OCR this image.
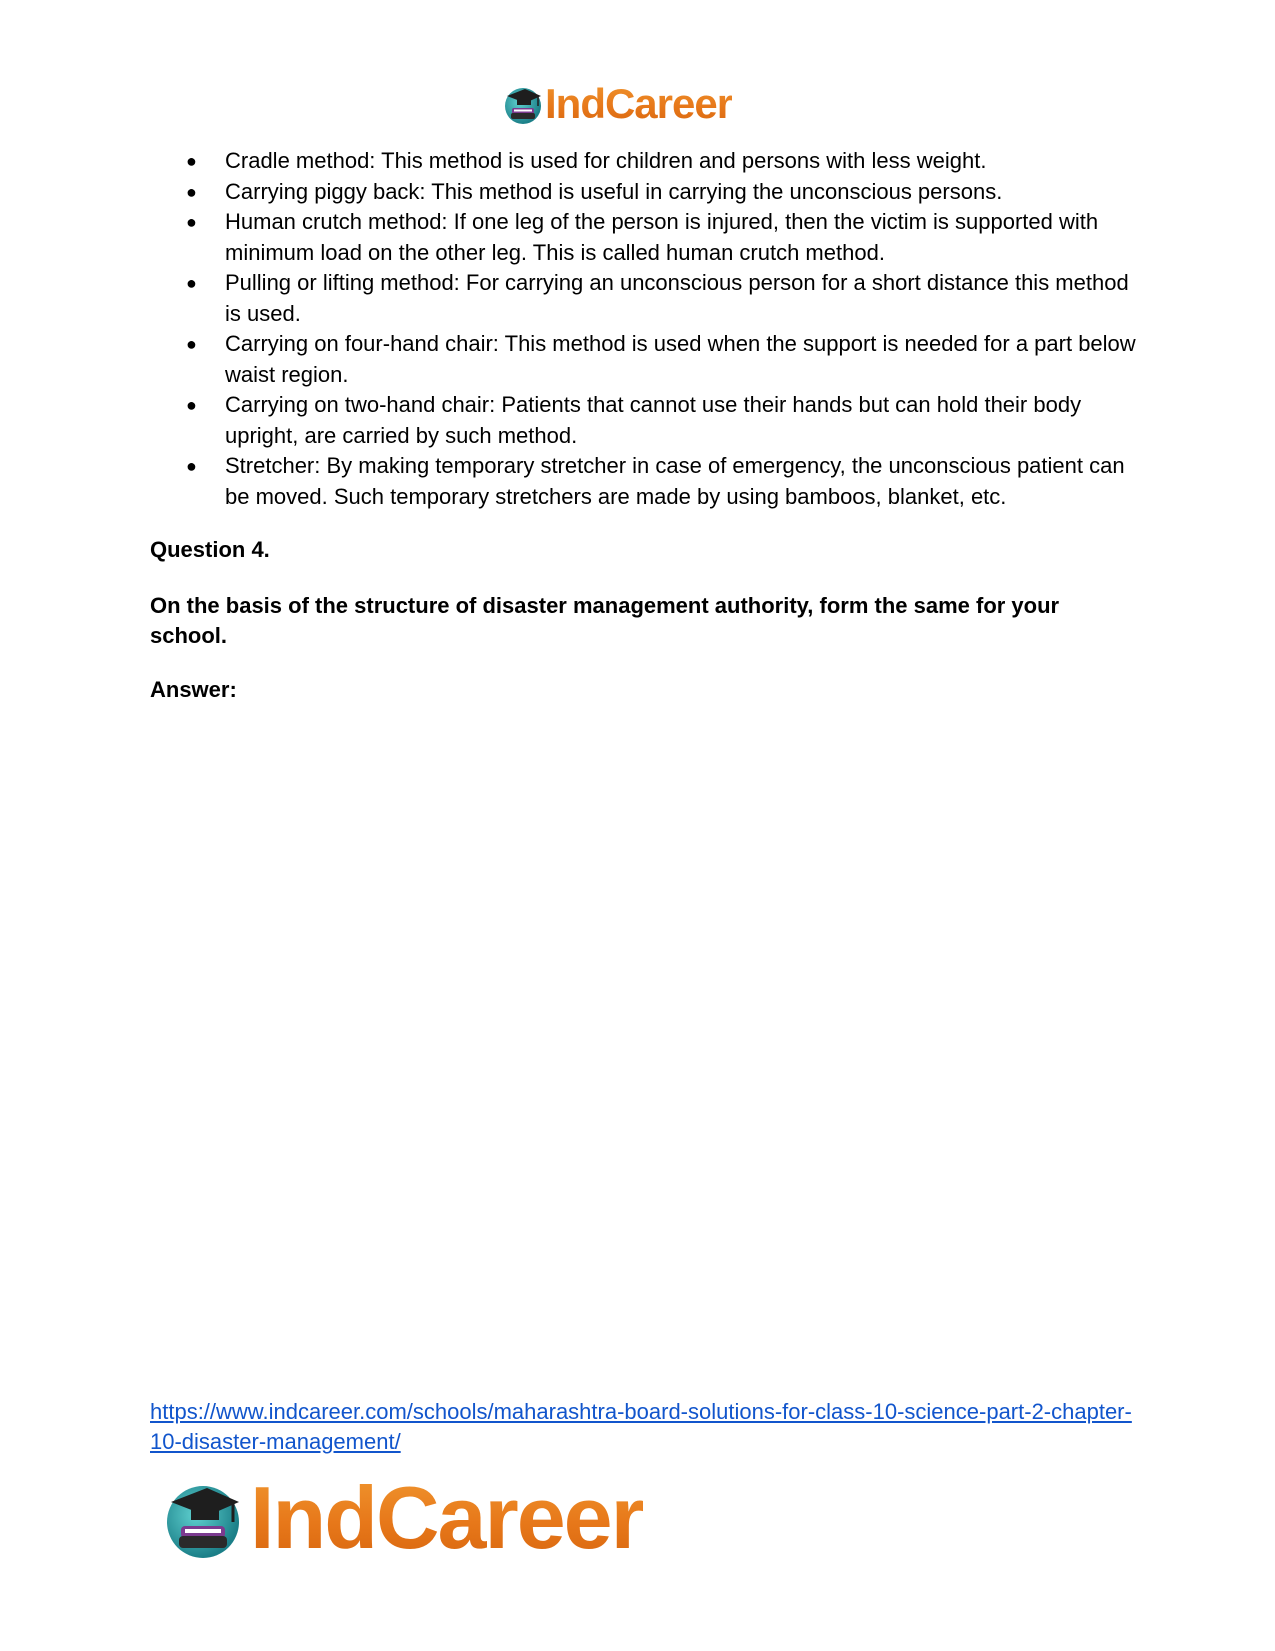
IndCareer
●	Cradle method: This method is used for children and persons with less weight.
●	Carrying piggy back: This method is useful in carrying the unconscious persons.
●	Human crutch method: If one leg of the person is injured, then the victim is supported with minimum load on the other leg. This is called human crutch method.
●	Pulling or lifting method: For carrying an unconscious person for a short distance this method is used.
●	Carrying on four-hand chair: This method is used when the support is needed for a part below waist region.
●	Carrying on two-hand chair: Patients that cannot use their hands but can hold their body upright, are carried by such method.
●	Stretcher: By making temporary stretcher in case of emergency, the unconscious patient can be moved. Such temporary stretchers are made by using bamboos, blanket, etc.

Question 4.

On the basis of the structure of disaster management authority, form the same for your school.

Answer:

https://www.indcareer.com/schools/maharashtra-board-solutions-for-class-10-science-part-2-chapter-10-disaster-management/
IndCareer
